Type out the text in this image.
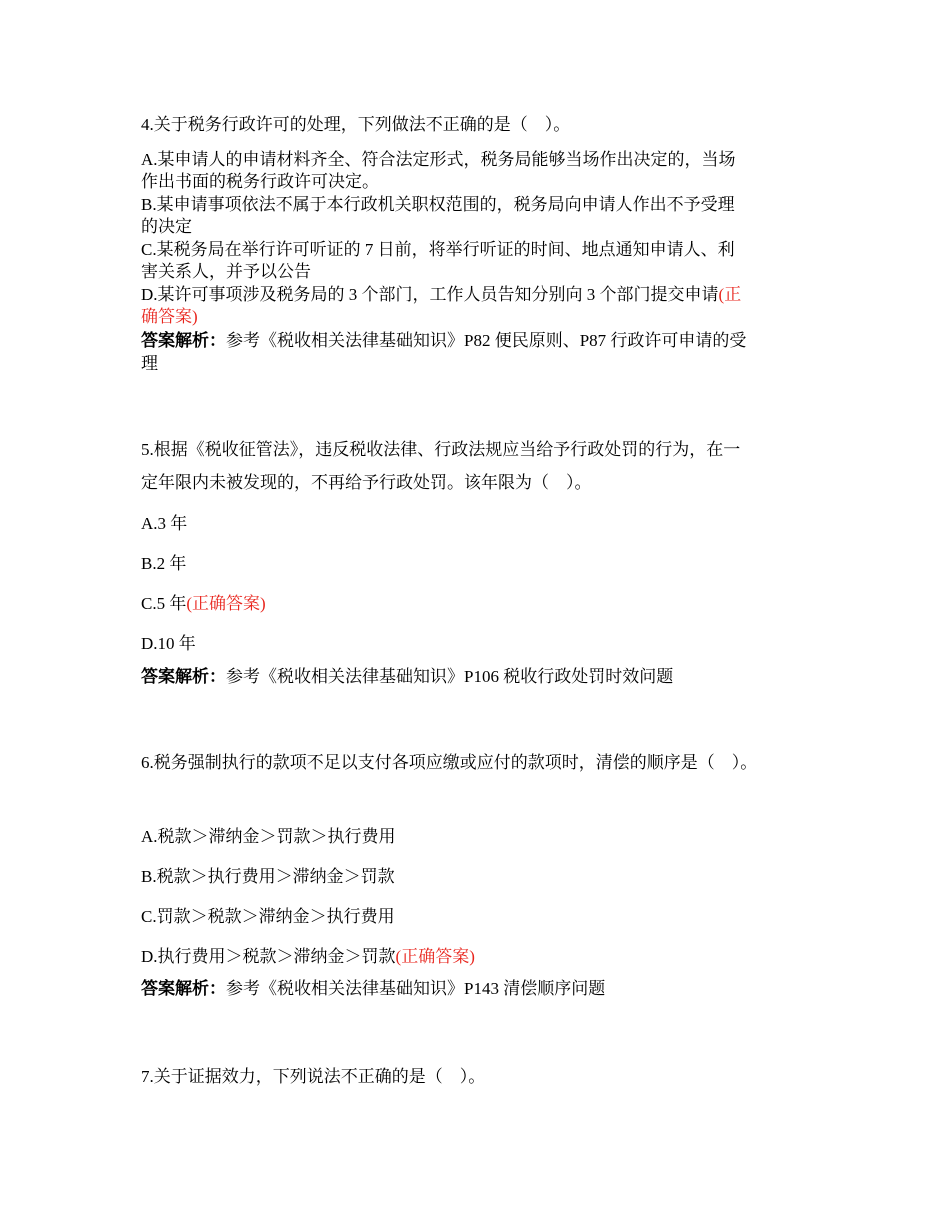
4.关于税务行政许可的处理，下列做法不正确的是（　）。
A.某申请人的申请材料齐全、符合法定形式，税务局能够当场作出决定的，当场
作出书面的税务行政许可决定。
B.某申请事项依法不属于本行政机关职权范围的，税务局向申请人作出不予受理
的决定
C.某税务局在举行许可听证的 7 日前，将举行听证的时间、地点通知申请人、利
害关系人，并予以公告
D.某许可事项涉及税务局的 3 个部门，工作人员告知分别向 3 个部门提交申请(正
确答案)
答案解析：参考《税收相关法律基础知识》P82 便民原则、P87 行政许可申请的受
理
5.根据《税收征管法》，违反税收法律、行政法规应当给予行政处罚的行为，在一
定年限内未被发现的，不再给予行政处罚。该年限为（　）。
A.3 年
B.2 年
C.5 年(正确答案)
D.10 年
答案解析：参考《税收相关法律基础知识》P106 税收行政处罚时效问题
6.税务强制执行的款项不足以支付各项应缴或应付的款项时，清偿的顺序是（　）。
A.税款＞滞纳金＞罚款＞执行费用
B.税款＞执行费用＞滞纳金＞罚款
C.罚款＞税款＞滞纳金＞执行费用
D.执行费用＞税款＞滞纳金＞罚款(正确答案)
答案解析：参考《税收相关法律基础知识》P143 清偿顺序问题
7.关于证据效力，下列说法不正确的是（　）。
